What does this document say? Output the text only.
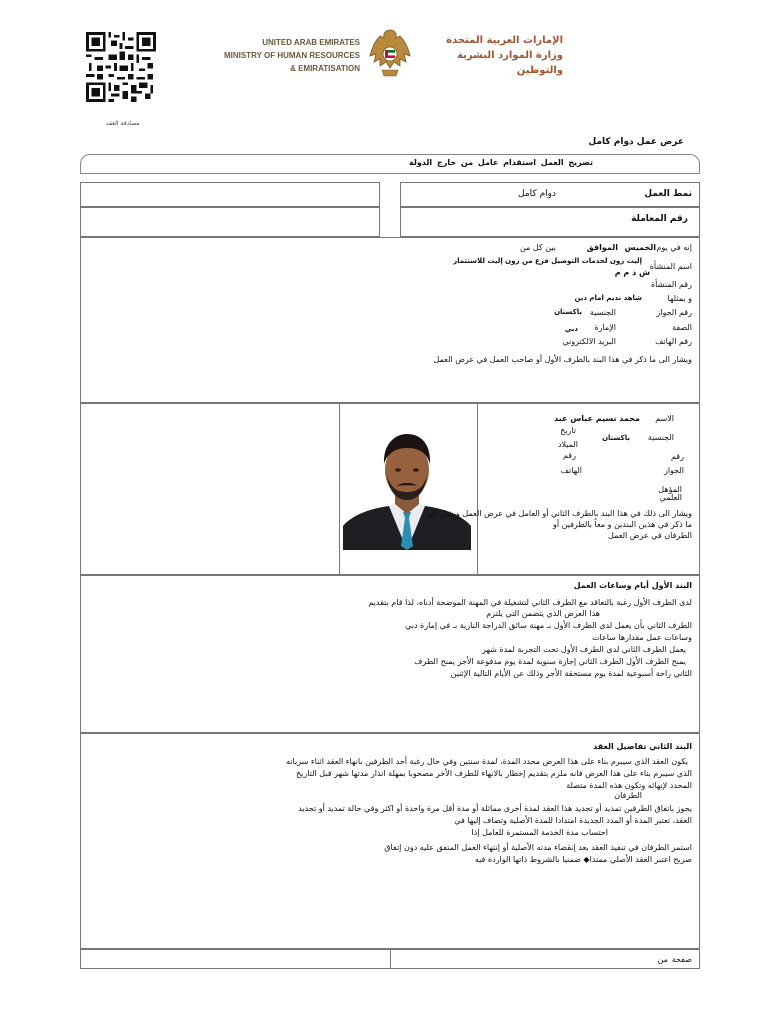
UNITED ARAB EMIRATES
MINISTRY OF HUMAN RESOURCES
& EMIRATISATION
الإمارات العربية المتحدة
وزارة الموارد البشرية
والتوطين
مصادقة العقد
عرض عمل دوام كامل
تصريح العمل استقدام عامل من خارج الدولة
نمط العمل
دوام كامل
رقم المعاملة
إنه في يوم
الخميس
الموافق
بين كل من
اسم المنشأة
إليت زون لخدمات التوصيل فرع من زون إليت للاستثمار
ش ذ م م
رقم المنشأة
و يمثلها
شاهد نديم امام دين
رقم الجواز
الجنسية
باكستان
الصفة
الإمارة
دبي
رقم الهاتف
البريد الالكتروني
ويشار الى ما ذكر في هذا البند بالطرف الأول أو صاحب العمل في عرض العمل
الاسم
محمد نسيم عباس عبد
تاريخ
الجنسية
باكستان
الميلاد
رقم	رقم
الجواز
الهاتف
المؤهل
العلمي
ويشار الى ذلك في هذا البند بالطرف الثاني أو العامل في عرض العمل ويشار الى
ما ذكر في هذين البندين و معاً بالطرفين أو
الطرفان في عرض العمل
البند الأول أيام وساعات العمل
لدى الطرف الأول رغبة بالتعاقد مع الطرف الثاني لتشغيلة في المهنة الموضحة أدناه، لذا قام بتقديم
هذا العرض الذي يتضمن التي يلتزم
الطرف الثاني بأن يعمل لدى الطرف الأول بـ مهنة سائق الدراجة النارية بـ في إمارة دبي
وساعات عمل مقدارها ساعات
يعمل الطرف الثاني لدى الطرف الأول تحت التجربة لمدة شهر
يمنح الطرف الأول الطرف الثاني إجازة سنوية لمدة يوم مدفوعة الأجر يمنح الطرف
الثاني راحة أسبوعية لمدة يوم مستحقة الأجر وذلك عن الأيام التالية الإثنين
البند الثاني تفاصيل العقد
يكون العقد الذي سيبرم بناء على هذا العرض محدد المدة، لمدة سنتين وفي حال رغبة أحد الطرفين بانهاء العقد اثناء سريانه
الذي سيبرم بناء على هذا العرض فانه ملزم بتقديم إخطار بالانهاء للطرف الأخر مصحوبا بمهلة انذار مدتها شهر قبل التاريخ
المحدد لإنهائه وتكون هذه المدة متصلة
الطرفان
يجوز باتفاق الطرفين تمديد أو تجديد هذا العقد لمدة أخرى مماثلة أو مدة أقل مرة واحدة أو اكثر وفي حالة تمديد أو تجديد
العقد، تعتبر المدة أو المدد الجديدة امتدادا للمدة الأصلية وتضاف إليها في
احتساب مدة الخدمة المستمرة للعامل إذا
استمر الطرفان في تنفيذ العقد بعد إنقضاء مدته الأصلية أو إنتهاء العمل المتفق عليه دون إتفاق
صريح اعتبر العقد الأصلي ممتدا◆ ضمنيا بالشروط ذاتها الواردة فيه
صفحة
من
